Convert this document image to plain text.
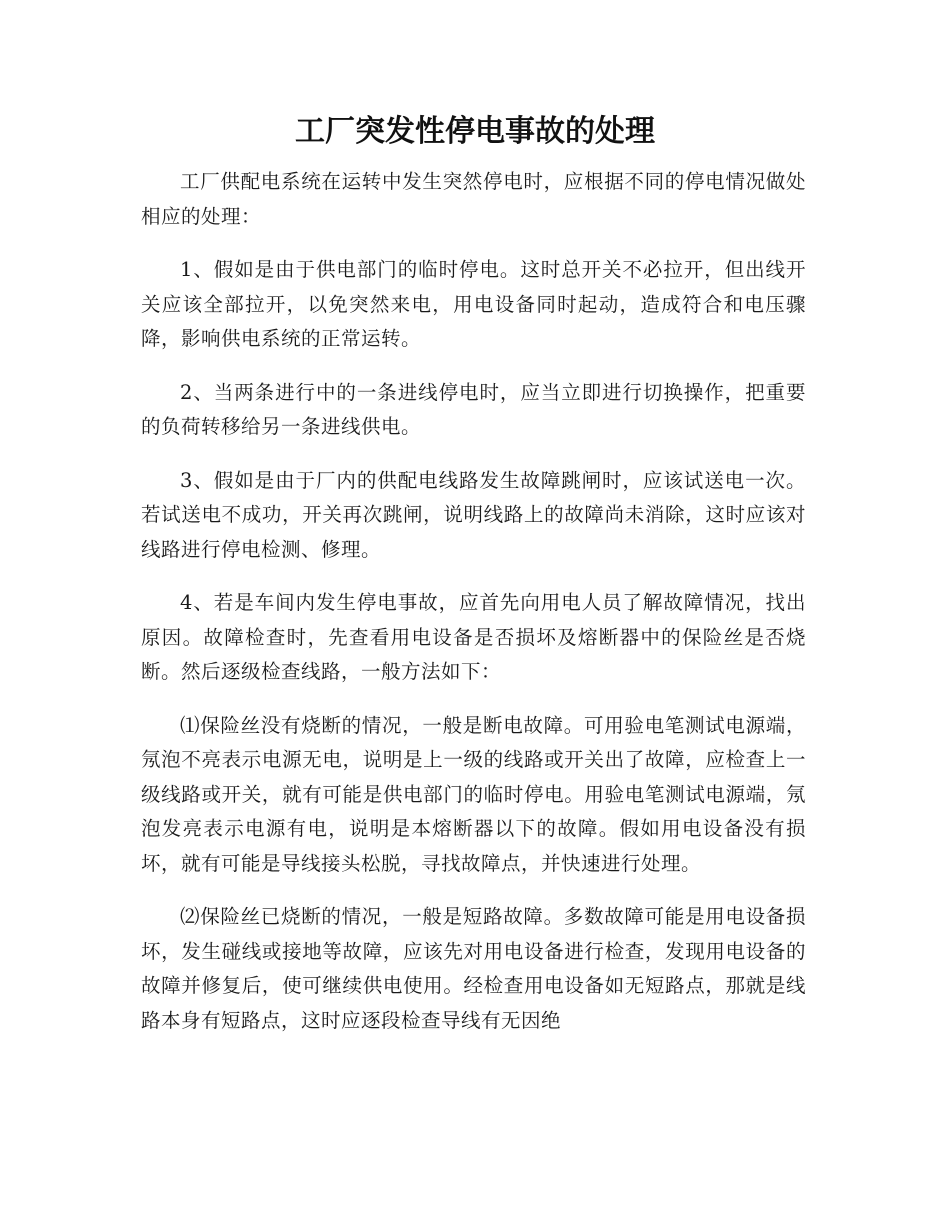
工厂突发性停电事故的处理

工厂供配电系统在运转中发生突然停电时，应根据不同的停电情况做处相应的处理：

1、假如是由于供电部门的临时停电。这时总开关不必拉开，但出线开关应该全部拉开，以免突然来电，用电设备同时起动，造成符合和电压骤降，影响供电系统的正常运转。

2、当两条进行中的一条进线停电时，应当立即进行切换操作，把重要的负荷转移给另一条进线供电。

3、假如是由于厂内的供配电线路发生故障跳闸时，应该试送电一次。若试送电不成功，开关再次跳闸，说明线路上的故障尚未消除，这时应该对线路进行停电检测、修理。

4、若是车间内发生停电事故，应首先向用电人员了解故障情况，找出原因。故障检查时，先查看用电设备是否损坏及熔断器中的保险丝是否烧断。然后逐级检查线路，一般方法如下：

⑴保险丝没有烧断的情况，一般是断电故障。可用验电笔测试电源端，氖泡不亮表示电源无电，说明是上一级的线路或开关出了故障，应检查上一级线路或开关，就有可能是供电部门的临时停电。用验电笔测试电源端，氖泡发亮表示电源有电，说明是本熔断器以下的故障。假如用电设备没有损坏，就有可能是导线接头松脱，寻找故障点，并快速进行处理。

⑵保险丝已烧断的情况，一般是短路故障。多数故障可能是用电设备损坏，发生碰线或接地等故障，应该先对用电设备进行检查，发现用电设备的故障并修复后，使可继续供电使用。经检查用电设备如无短路点，那就是线路本身有短路点，这时应逐段检查导线有无因绝
